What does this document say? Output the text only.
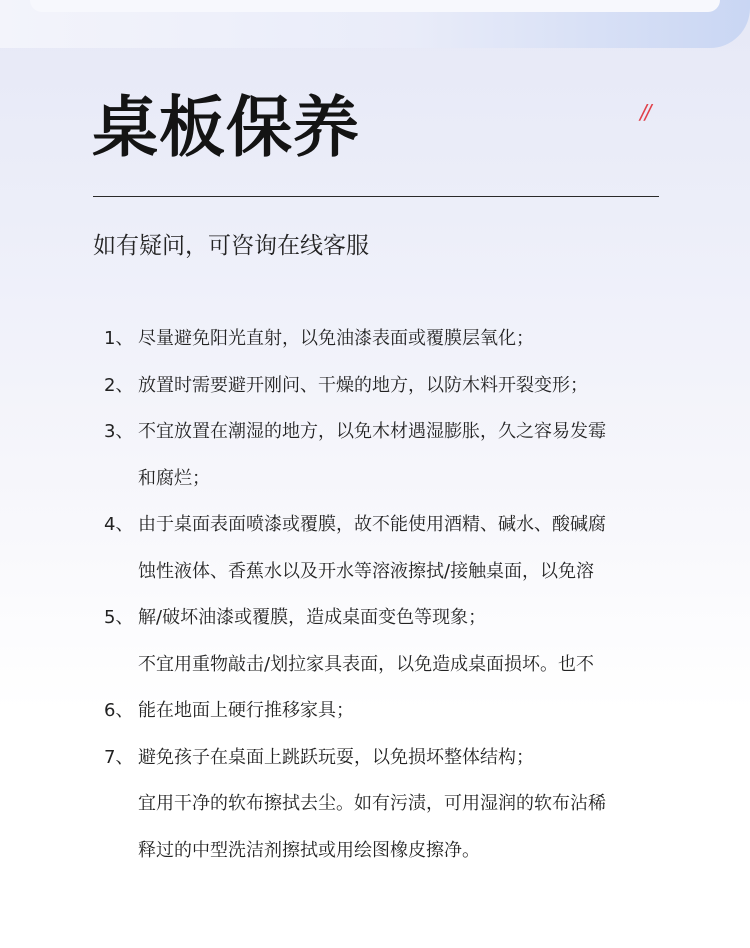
桌板保养	//

如有疑问，可咨询在线客服

1、 尽量避免阳光直射，以免油漆表面或覆膜层氧化；
2、 放置时需要避开刚问、干燥的地方，以防木料开裂变形；
3、 不宜放置在潮湿的地方，以免木材遇湿膨胀，久之容易发霉
和腐烂；
4、 由于桌面表面喷漆或覆膜，故不能使用酒精、碱水、酸碱腐
蚀性液体、香蕉水以及开水等溶液擦拭/接触桌面，以免溶
5、 解/破坏油漆或覆膜，造成桌面变色等现象；
不宜用重物敲击/划拉家具表面，以免造成桌面损坏。也不
6、 能在地面上硬行推移家具；
7、 避免孩子在桌面上跳跃玩耍，以免损坏整体结构；
宜用干净的软布擦拭去尘。如有污渍，可用湿润的软布沾稀
释过的中型洗洁剂擦拭或用绘图橡皮擦净。
